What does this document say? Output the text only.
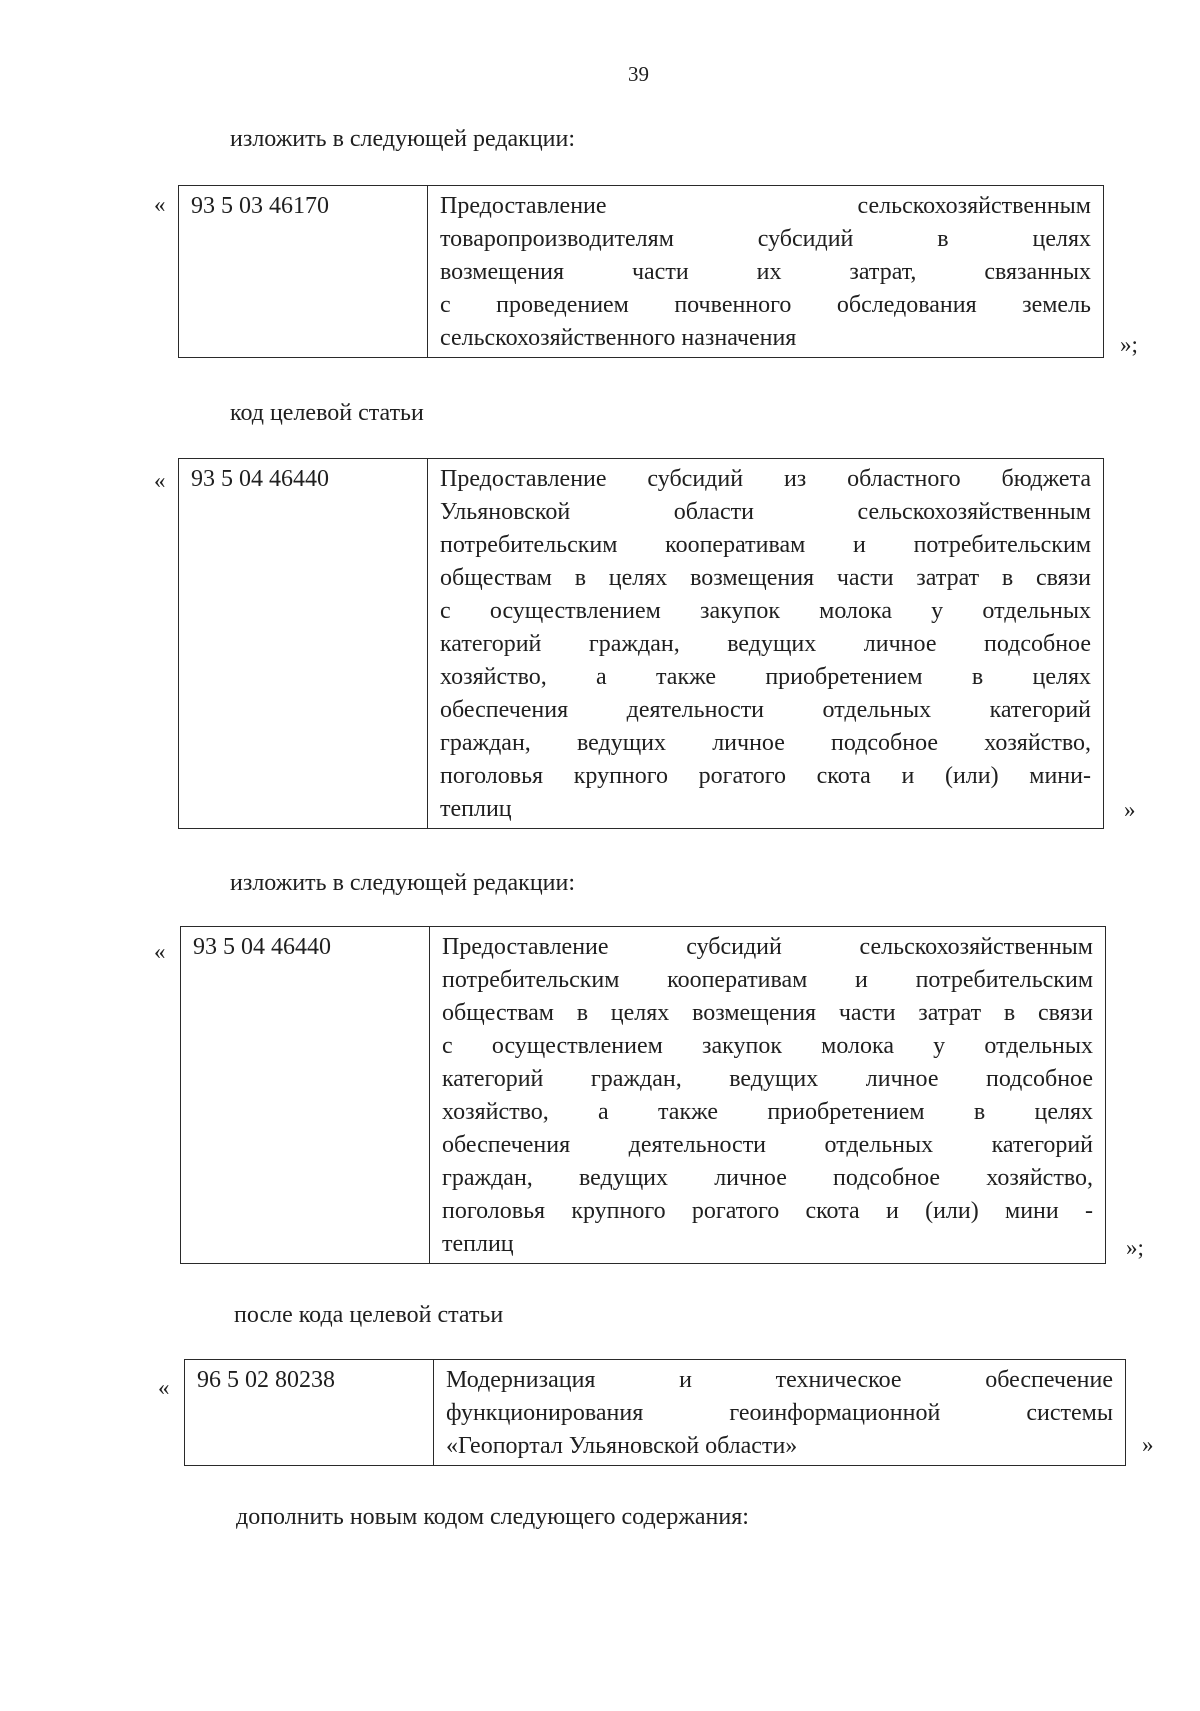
39
изложить в следующей редакции:
« 93 5 03 46170	Предоставление сельскохозяйственным
товаропроизводителям субсидий в целях
возмещения части их затрат, связанных
с проведением почвенного обследования земель
сельскохозяйственного назначения	»;
код целевой статьи
« 93 5 04 46440	Предоставление субсидий из областного бюджета
Ульяновской области сельскохозяйственным
потребительским кооперативам и потребительским
обществам в целях возмещения части затрат в связи
с осуществлением закупок молока у отдельных
категорий граждан, ведущих личное подсобное
хозяйство, а также приобретением в целях
обеспечения деятельности отдельных категорий
граждан, ведущих личное подсобное хозяйство,
поголовья крупного рогатого скота и (или) мини-
теплиц	»
изложить в следующей редакции:
« 93 5 04 46440	Предоставление субсидий сельскохозяйственным
потребительским кооперативам и потребительским
обществам в целях возмещения части затрат в связи
с осуществлением закупок молока у отдельных
категорий граждан, ведущих личное подсобное
хозяйство, а также приобретением в целях
обеспечения деятельности отдельных категорий
граждан, ведущих личное подсобное хозяйство,
поголовья крупного рогатого скота и (или) мини -
теплиц	»;
после кода целевой статьи
« 96 5 02 80238	Модернизация и техническое обеспечение
функционирования геоинформационной системы
«Геопортал Ульяновской области»	»
дополнить новым кодом следующего содержания:
